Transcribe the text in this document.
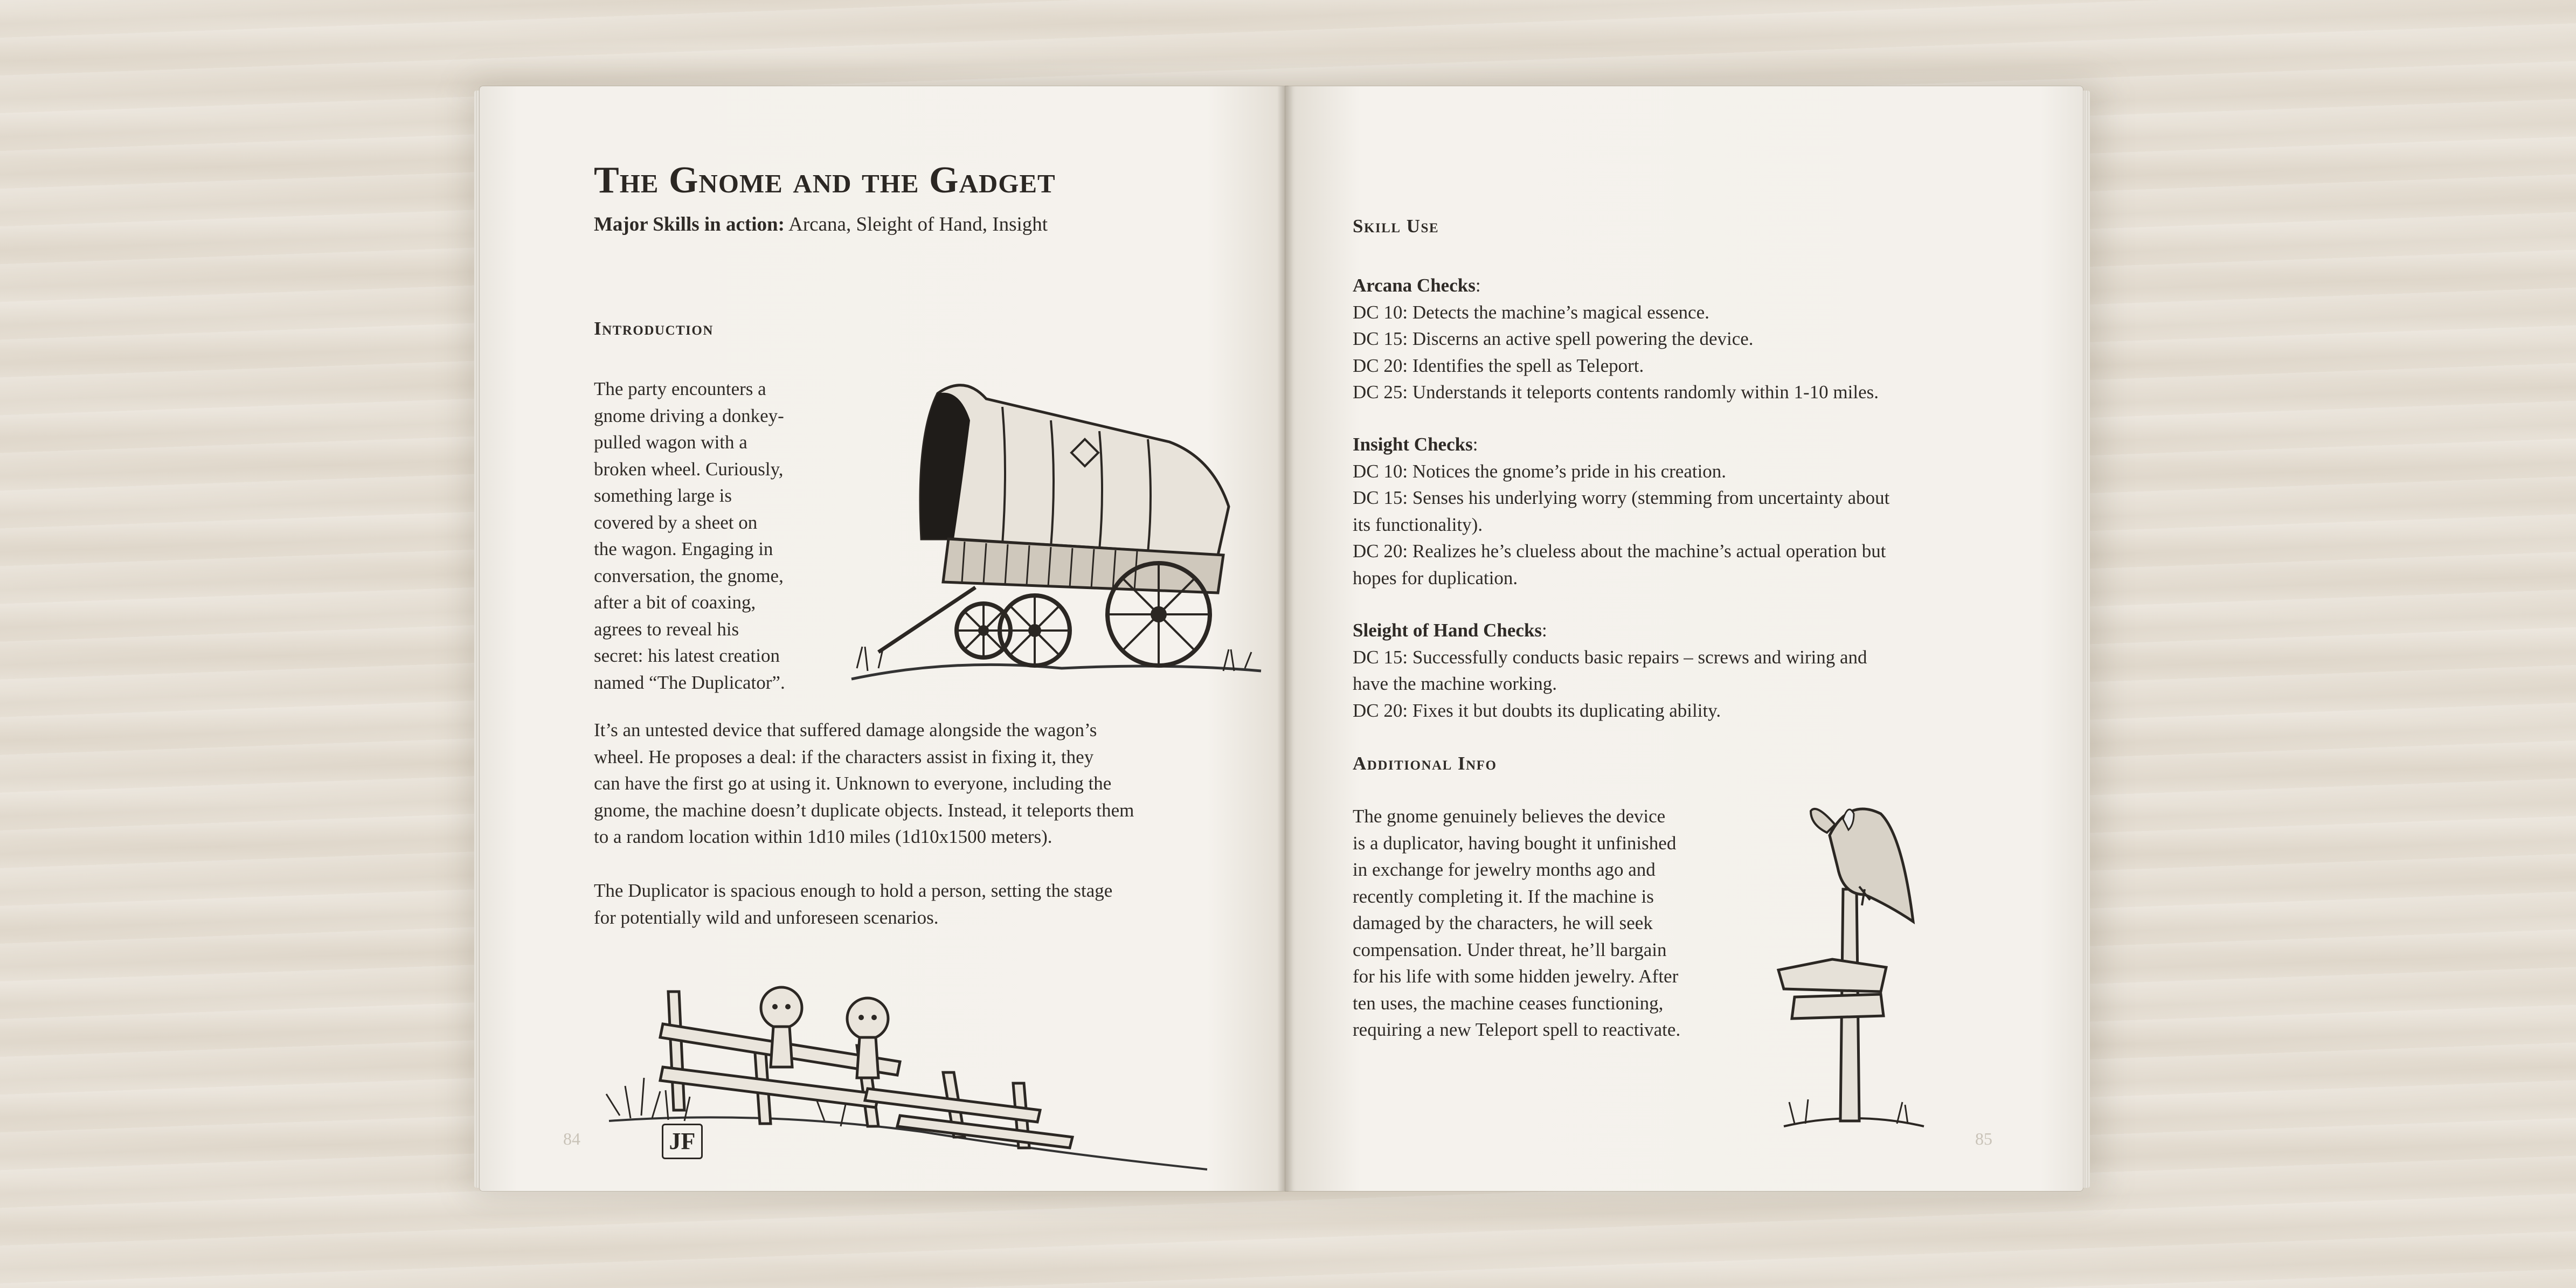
The Gnome and the Gadget
Major Skills in action: Arcana, Sleight of Hand, Insight
Introduction

The party encounters a

gnome driving a donkey-

pulled wagon with a

broken wheel. Curiously,

something large is

covered by a sheet on

the wagon. Engaging in

conversation, the gnome,

after a bit of coaxing,

agrees to reveal his

secret: his latest creation

named “The Duplicator”.

It’s an untested device that suffered damage alongside the wagon’s

wheel. He proposes a deal: if the characters assist in fixing it, they

can have the first go at using it. Unknown to everyone, including the

gnome, the machine doesn’t duplicate objects. Instead, it teleports them

to a random location within 1d10 miles (1d10x1500 meters).

The Duplicator is spacious enough to hold a person, setting the stage

for potentially wild and unforeseen scenarios.

JF
84
Skill Use

Arcana Checks:

DC 10: Detects the machine’s magical essence.

DC 15: Discerns an active spell powering the device.

DC 20: Identifies the spell as Teleport.

DC 25: Understands it teleports contents randomly within 1-10 miles.

Insight Checks:

DC 10: Notices the gnome’s pride in his creation.

DC 15: Senses his underlying worry (stemming from uncertainty about

its functionality).

DC 20: Realizes he’s clueless about the machine’s actual operation but

hopes for duplication.

Sleight of Hand Checks:

DC 15: Successfully conducts basic repairs – screws and wiring and

have the machine working.

DC 20: Fixes it but doubts its duplicating ability.

Additional Info

The gnome genuinely believes the device

is a duplicator, having bought it unfinished

in exchange for jewelry months ago and

recently completing it. If the machine is

damaged by the characters, he will seek

compensation. Under threat, he’ll bargain

for his life with some hidden jewelry. After

ten uses, the machine ceases functioning,

requiring a new Teleport spell to reactivate.

85
